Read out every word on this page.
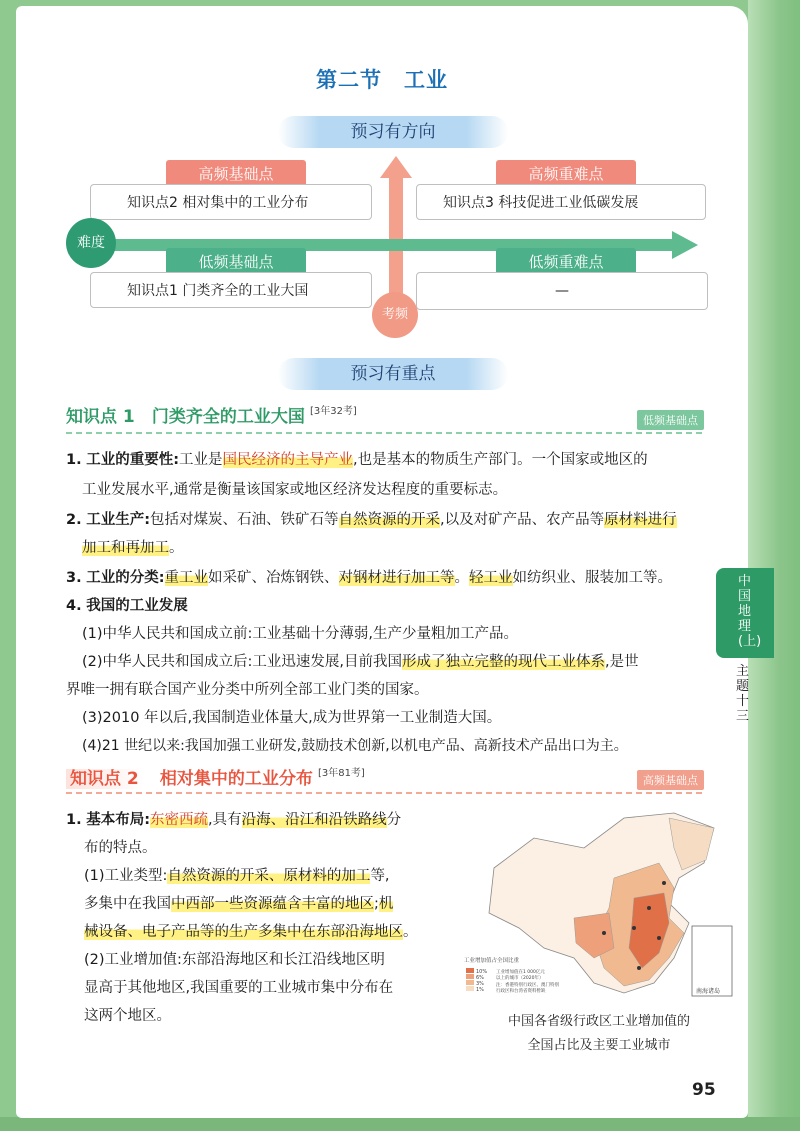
第二节　工业
预习有方向
高频基础点	高频重难点
知识点2 相对集中的工业分布	知识点3 科技促进工业低碳发展
低频基础点	低频重难点
知识点1 门类齐全的工业大国	—
难度
考频
预习有重点
知识点 1 门类齐全的工业大国 [3年32考]
低频基础点
1. 工业的重要性:工业是国民经济的主导产业,也是基本的物质生产部门。一个国家或地区的
工业发展水平,通常是衡量该国家或地区经济发达程度的重要标志。
2. 工业生产:包括对煤炭、石油、铁矿石等自然资源的开采,以及对矿产品、农产品等原材料进行
加工和再加工。
3. 工业的分类:重工业如采矿、冶炼钢铁、对钢材进行加工等。轻工业如纺织业、服装加工等。
4. 我国的工业发展
(1)中华人民共和国成立前:工业基础十分薄弱,生产少量粗加工产品。
(2)中华人民共和国成立后:工业迅速发展,目前我国形成了独立完整的现代工业体系,是世
界唯一拥有联合国产业分类中所列全部工业门类的国家。
(3)2010 年以后,我国制造业体量大,成为世界第一工业制造大国。
(4)21 世纪以来:我国加强工业研发,鼓励技术创新,以机电产品、高新技术产品出口为主。
知识点 2 相对集中的工业分布 [3年81考]
高频基础点
1. 基本布局:东密西疏,具有沿海、沿江和沿铁路线分
布的特点。
(1)工业类型:自然资源的开采、原材料的加工等,
多集中在我国中西部一些资源蕴含丰富的地区;机
械设备、电子产品等的生产多集中在东部沿海地区。
(2)工业增加值:东部沿海地区和长江沿线地区明
显高于其他地区,我国重要的工业城市集中分布在
这两个地区。
南海诸岛
工业增加值占全国比重
10%
6%
3%
1%
工业增加值在1 000亿元
以上的城市（2020年）
注：香港特别行政区、澳门特别
行政区和台湾省资料暂缺
中国各省级行政区工业增加值的
全国占比及主要工业城市
95
中国地理(上)
主题十三
